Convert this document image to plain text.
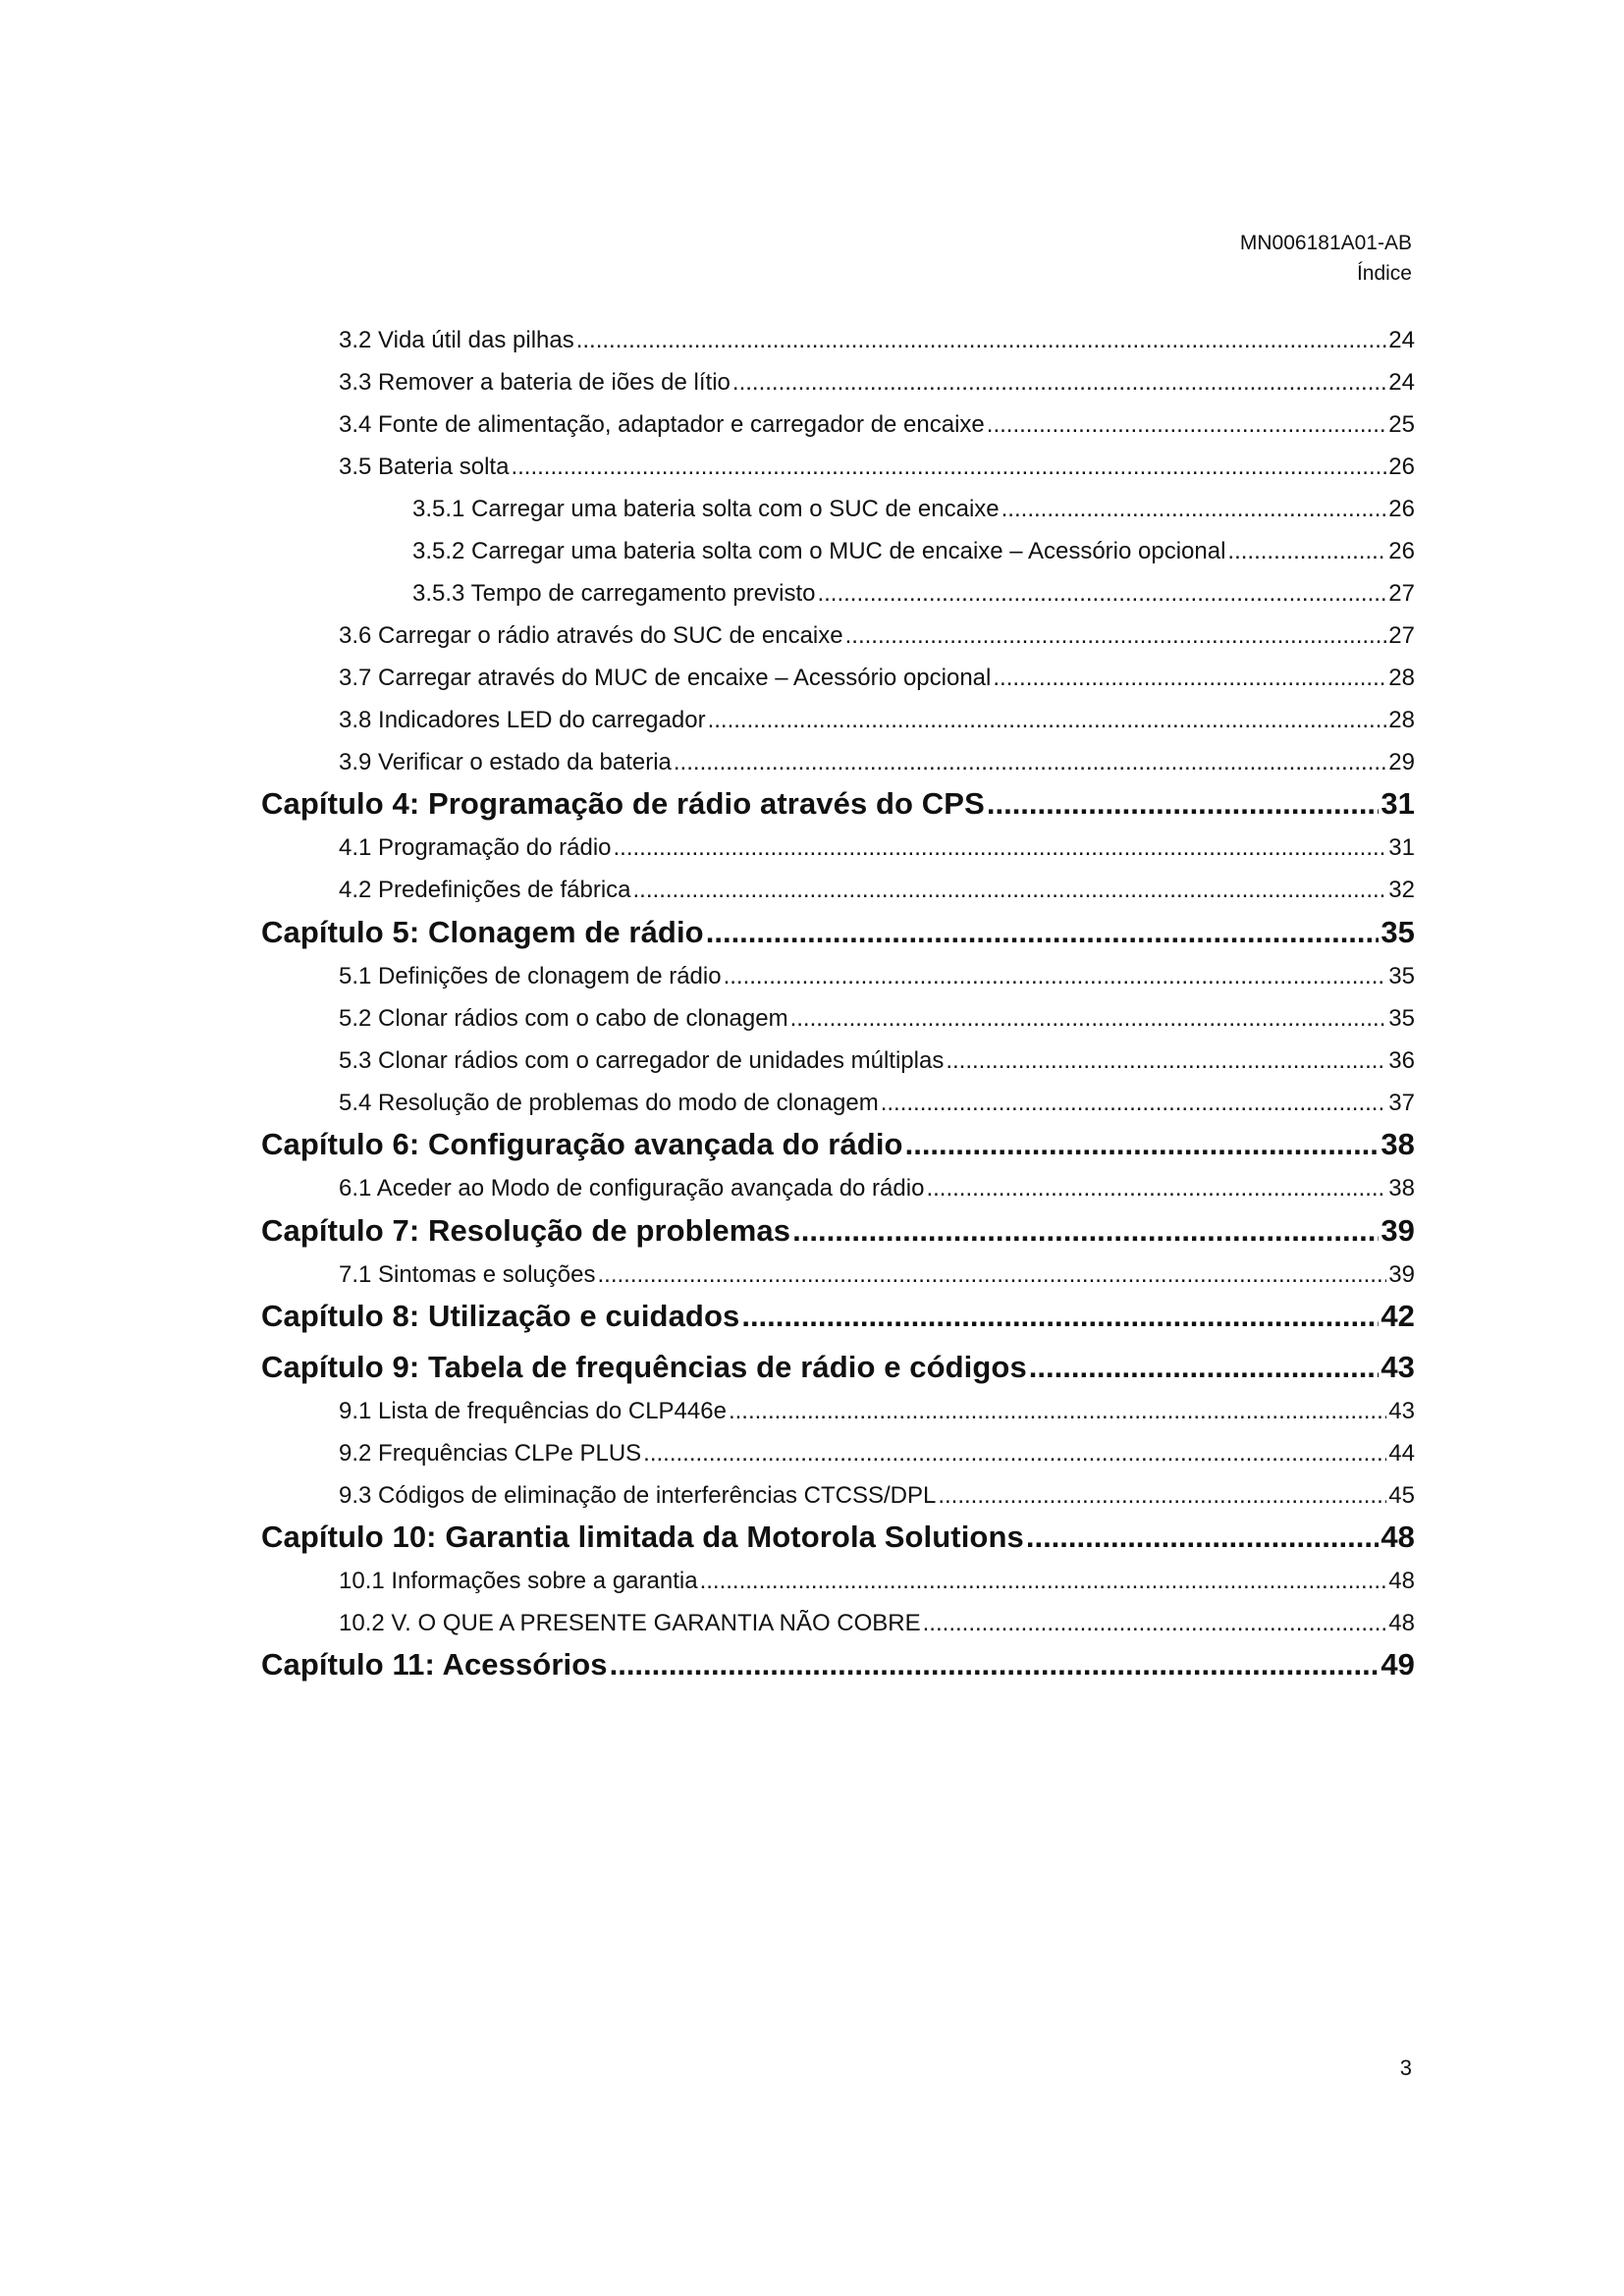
MN006181A01-AB
Índice
3.2 Vida útil das pilhas .....	24
3.3 Remover a bateria de iões de lítio .....	24
3.4 Fonte de alimentação, adaptador e carregador de encaixe .....	25
3.5 Bateria solta .....	26
3.5.1 Carregar uma bateria solta com o SUC de encaixe .....	26
3.5.2 Carregar uma bateria solta com o MUC de encaixe – Acessório opcional .....	26
3.5.3 Tempo de carregamento previsto .....	27
3.6 Carregar o rádio através do SUC de encaixe .....	27
3.7 Carregar através do MUC de encaixe – Acessório opcional .....	28
3.8 Indicadores LED do carregador .....	28
3.9 Verificar o estado da bateria .....	29
Capítulo 4: Programação de rádio através do CPS .....	31
4.1 Programação do rádio .....	31
4.2 Predefinições de fábrica .....	32
Capítulo 5: Clonagem de rádio .....	35
5.1 Definições de clonagem de rádio .....	35
5.2 Clonar rádios com o cabo de clonagem .....	35
5.3 Clonar rádios com o carregador de unidades múltiplas .....	36
5.4 Resolução de problemas do modo de clonagem .....	37
Capítulo 6: Configuração avançada do rádio .....	38
6.1 Aceder ao Modo de configuração avançada do rádio .....	38
Capítulo 7: Resolução de problemas .....	39
7.1 Sintomas e soluções .....	39
Capítulo 8: Utilização e cuidados .....	42
Capítulo 9: Tabela de frequências de rádio e códigos .....	43
9.1 Lista de frequências do CLP446e .....	43
9.2 Frequências CLPe PLUS .....	44
9.3 Códigos de eliminação de interferências CTCSS/DPL .....	45
Capítulo 10: Garantia limitada da Motorola Solutions .....	48
10.1 Informações sobre a garantia .....	48
10.2 V. O QUE A PRESENTE GARANTIA NÃO COBRE .....	48
Capítulo 11: Acessórios .....	49
3
